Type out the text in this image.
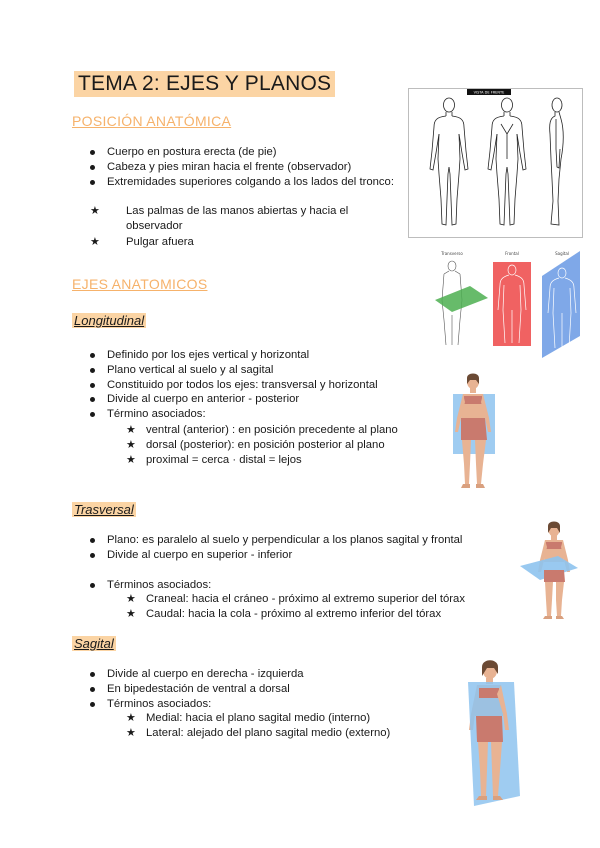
TEMA 2: EJES Y PLANOS
POSICIÓN ANATÓMICA
Cuerpo en postura erecta (de pie)
Cabeza y pies miran hacia el frente (observador)
Extremidades superiores colgando a los lados del tronco:
★ Las palmas de las manos abiertas y hacia el observador
★ Pulgar afuera
EJES ANATOMICOS
Longitudinal
Definido por los ejes vertical y horizontal
Plano vertical al suelo y al sagital
Constituido por todos los ejes: transversal y horizontal
Divide al cuerpo en anterior - posterior
Término asociados:
★ ventral (anterior) : en posición precedente al plano
★ dorsal (posterior): en posición posterior al plano
★ proximal = cerca · distal = lejos
Trasversal
Plano: es paralelo al suelo y perpendicular a los planos sagital y frontal
Divide al cuerpo en superior - inferior
Términos asociados:
★ Craneal: hacia el cráneo - próximo al extremo superior del tórax
★ Caudal: hacia la cola - próximo al extremo inferior del tórax
Sagital
Divide al cuerpo en derecha - izquierda
En bipedestación de ventral a dorsal
Términos asociados:
★ Medial: hacia el plano sagital medio (interno)
★ Lateral: alejado del plano sagital medio (externo)
VISTA DE FRENTE
Transverso	Frontal	Sagital
